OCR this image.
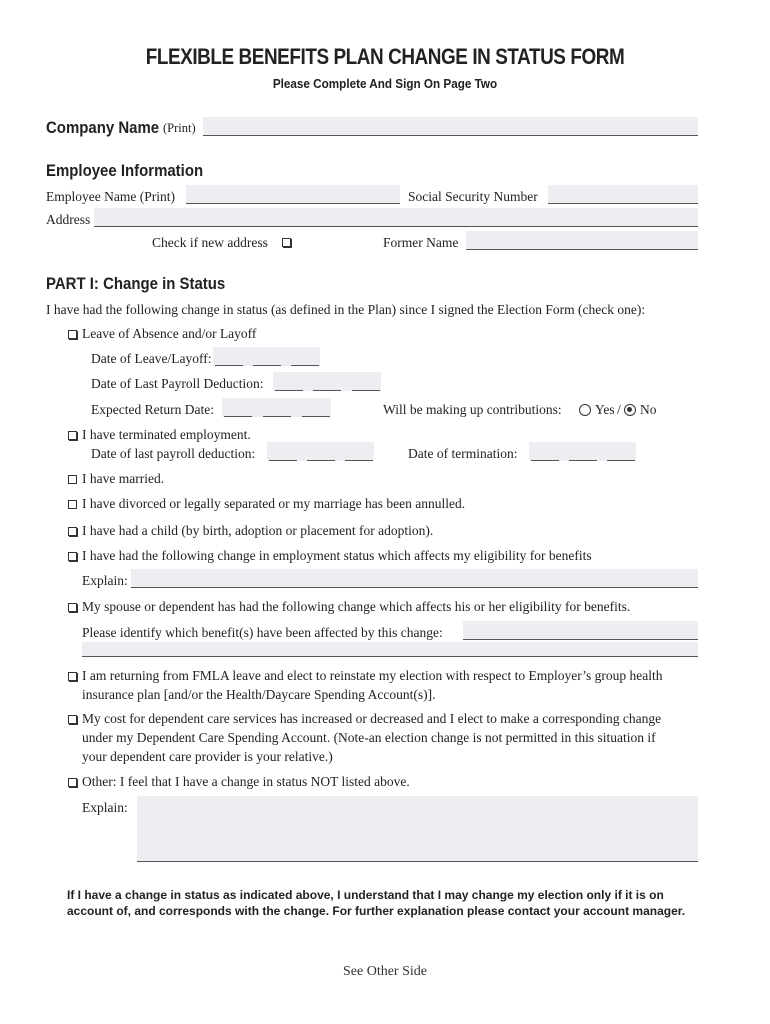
FLEXIBLE BENEFITS PLAN CHANGE IN STATUS FORM
Please Complete And Sign On Page Two
Company Name (Print)
Employee Information
Employee Name (Print)	Social Security Number
Address
Check if new address	Former Name
PART I: Change in Status
I have had the following change in status (as defined in the Plan) since I signed the Election Form (check one):
Leave of Absence and/or Layoff
Date of Leave/Layoff:
Date of Last Payroll Deduction:
Expected Return Date:	Will be making up contributions: Yes / No
I have terminated employment.
Date of last payroll deduction:	Date of termination:
I have married.
I have divorced or legally separated or my marriage has been annulled.
I have had a child (by birth, adoption or placement for adoption).
I have had the following change in employment status which affects my eligibility for benefits
Explain:
My spouse or dependent has had the following change which affects his or her eligibility for benefits.
Please identify which benefit(s) have been affected by this change:
I am returning from FMLA leave and elect to reinstate my election with respect to Employer’s group health
insurance plan [and/or the Health/Daycare Spending Account(s)].
My cost for dependent care services has increased or decreased and I elect to make a corresponding change
under my Dependent Care Spending Account. (Note-an election change is not permitted in this situation if
your dependent care provider is your relative.)
Other: I feel that I have a change in status NOT listed above.
Explain:
If I have a change in status as indicated above, I understand that I may change my election only if it is on
account of, and corresponds with the change. For further explanation please contact your account manager.
See Other Side
